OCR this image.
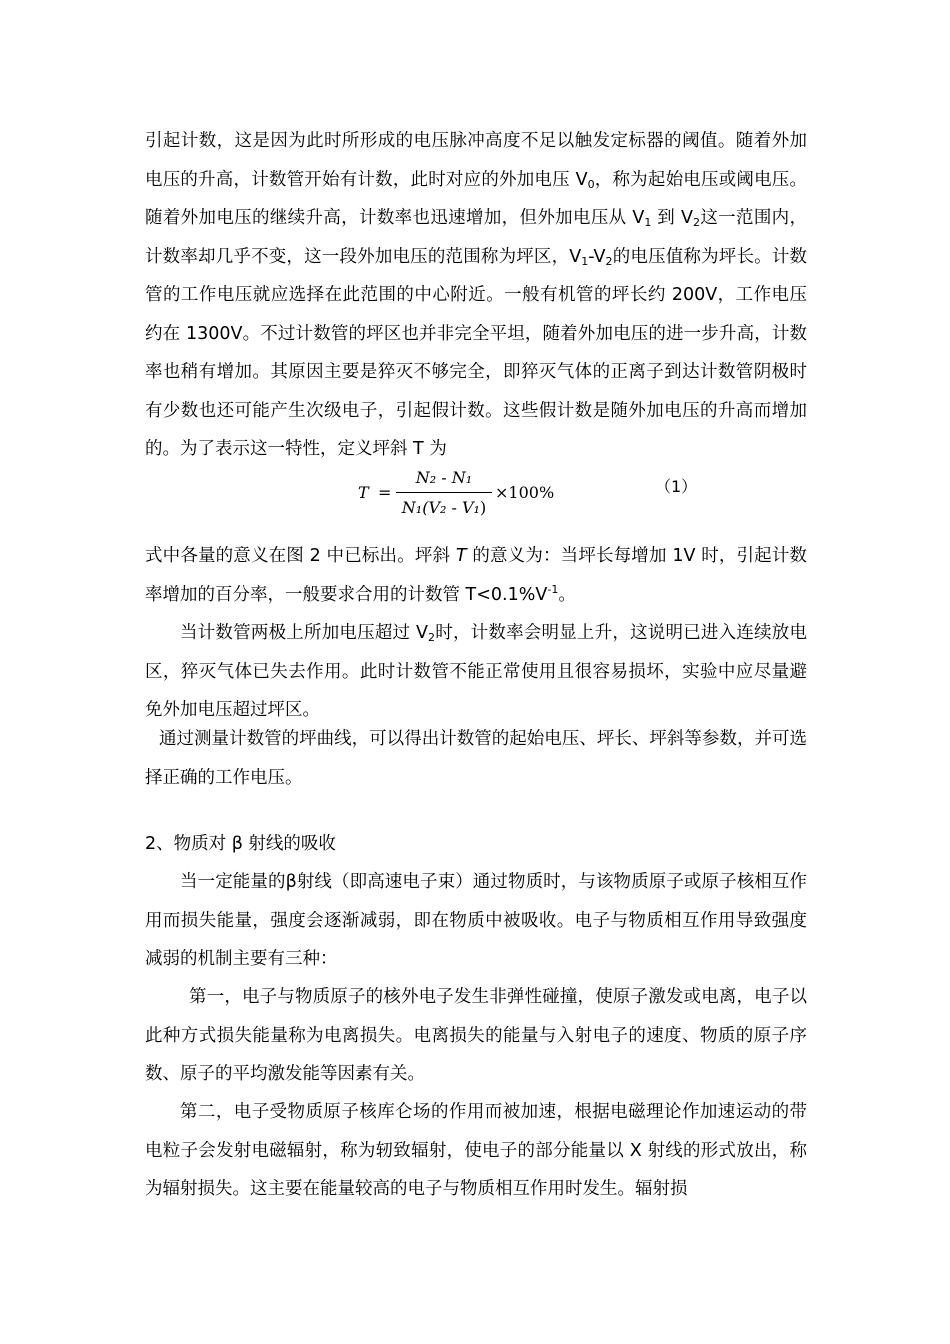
引起计数，这是因为此时所形成的电压脉冲高度不足以触发定标器的阈值。随着外加电压的升高，计数管开始有计数，此时对应的外加电压 $V_0$，称为起始电压或阈电压。随着外加电压的继续升高，计数率也迅速增加，但外加电压从 $V_1$ 到 $V_2$这一范围内，计数率却几乎不变，这一段外加电压的范围称为坪区，$V_1-V_2$的电压值称为坪长。计数管的工作电压就应选择在此范围的中心附近。一般有机管的坪长约 200V，工作电压约在 1300V。不过计数管的坪区也并非完全平坦，随着外加电压的进一步升高，计数率也稍有增加。其原因主要是猝灭不够完全，即猝灭气体的正离子到达计数管阴极时有少数也还可能产生次级电子，引起假计数。这些假计数是随外加电压的升高而增加的。为了表示这一特性，定义坪斜 T 为

T =
N₂ - N₁
N₁(V₂ - V₁)
×100%	（1）

式中各量的意义在图 2 中已标出。坪斜 T 的意义为：当坪长每增加 1V 时，引起计数率增加的百分率，一般要求合用的计数管 $T<0.1\%V^{-1}$。

当计数管两极上所加电压超过 $V_2$时，计数率会明显上升，这说明已进入连续放电区，猝灭气体已失去作用。此时计数管不能正常使用且很容易损坏，实验中应尽量避免外加电压超过坪区。

通过测量计数管的坪曲线，可以得出计数管的起始电压、坪长、坪斜等参数，并可选择正确的工作电压。

2、物质对 β 射线的吸收

当一定能量的β射线（即高速电子束）通过物质时，与该物质原子或原子核相互作用而损失能量，强度会逐渐减弱，即在物质中被吸收。电子与物质相互作用导致强度减弱的机制主要有三种：

第一，电子与物质原子的核外电子发生非弹性碰撞，使原子激发或电离，电子以此种方式损失能量称为电离损失。电离损失的能量与入射电子的速度、物质的原子序数、原子的平均激发能等因素有关。

第二，电子受物质原子核库仑场的作用而被加速，根据电磁理论作加速运动的带电粒子会发射电磁辐射，称为轫致辐射，使电子的部分能量以 X 射线的形式放出，称为辐射损失。这主要在能量较高的电子与物质相互作用时发生。辐射损
